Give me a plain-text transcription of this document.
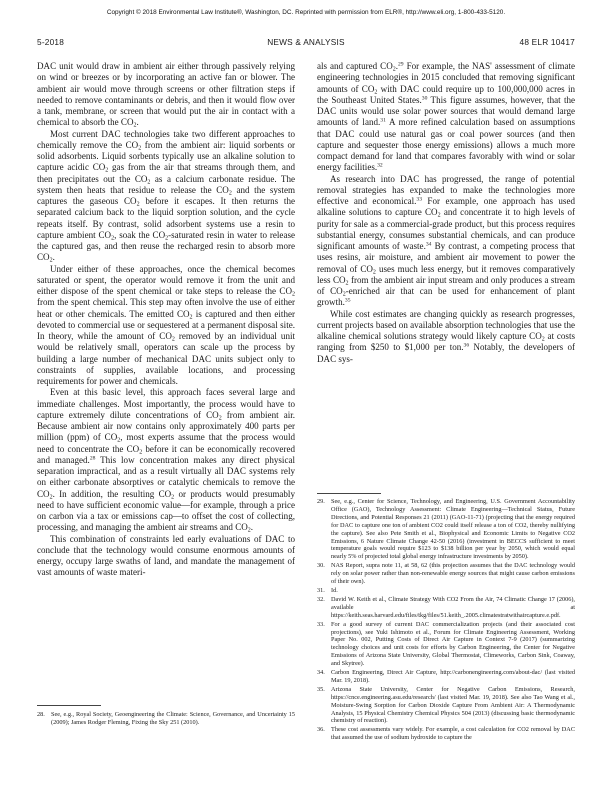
Copyright © 2018 Environmental Law Institute®, Washington, DC. Reprinted with permission from ELR®, http://www.eli.org, 1-800-433-5120.
5-2018	NEWS & ANALYSIS	48 ELR 10417

DAC unit would draw in ambient air either through passively relying on wind or breezes or by incorporating an active fan or blower. The ambient air would move through screens or other filtration steps if needed to remove contaminants or debris, and then it would flow over a tank, membrane, or screen that would put the air in contact with a chemical to absorb the $CO_2$.

Most current DAC technologies take two different approaches to chemically remove the $CO_2$ from the ambient air: liquid sorbents or solid adsorbents. Liquid sorbents typically use an alkaline solution to capture acidic $CO_2$ gas from the air that streams through them, and then precipitates out the $CO_2$ as a calcium carbonate residue. The system then heats that residue to release the $CO_2$ and the system captures the gaseous $CO_2$ before it escapes. It then returns the separated calcium back to the liquid sorption solution, and the cycle repeats itself. By contrast, solid adsorbent systems use a resin to capture ambient $CO_2$, soak the $CO_2$-saturated resin in water to release the captured gas, and then reuse the recharged resin to absorb more $CO_2$.

Under either of these approaches, once the chemical becomes saturated or spent, the operator would remove it from the unit and either dispose of the spent chemical or take steps to release the $CO_2$ from the spent chemical. This step may often involve the use of either heat or other chemicals. The emitted $CO_2$ is captured and then either devoted to commercial use or sequestered at a permanent disposal site. In theory, while the amount of $CO_2$ removed by an individual unit would be relatively small, operators can scale up the process by building a large number of mechanical DAC units subject only to constraints of supplies, available locations, and processing requirements for power and chemicals.

Even at this basic level, this approach faces several large and immediate challenges. Most importantly, the process would have to capture extremely dilute concentrations of $CO_2$ from ambient air. Because ambient air now contains only approximately 400 parts per million (ppm) of $CO_2$, most experts assume that the process would need to concentrate the $CO_2$ before it can be economically recovered and managed.$^{28}$ This low concentration makes any direct physical separation impractical, and as a result virtually all DAC systems rely on either carbonate absorptives or catalytic chemicals to remove the $CO_2$. In addition, the resulting $CO_2$ or products would presumably need to have sufficient economic value—for example, through a price on carbon via a tax or emissions cap—to offset the cost of collecting, processing, and managing the ambient air streams and $CO_2$.

This combination of constraints led early evaluations of DAC to conclude that the technology would consume enormous amounts of energy, occupy large swaths of land, and mandate the management of vast amounts of waste materi-

28. See, e.g., Royal Society, Geoengineering the Climate: Science, Governance, and Uncertainty 15 (2009); James Rodger Fleming, Fixing the Sky 251 (2010).

als and captured $CO_2.^{29}$ For example, the NAS' assessment of climate engineering technologies in 2015 concluded that removing significant amounts of $CO_2$ with DAC could require up to 100,000,000 acres in the Southeast United States.$^{30}$ This figure assumes, however, that the DAC units would use solar power sources that would demand large amounts of land.$^{31}$ A more refined calculation based on assumptions that DAC could use natural gas or coal power sources (and then capture and sequester those energy emissions) allows a much more compact demand for land that compares favorably with wind or solar energy facilities.$^{32}$

As research into DAC has progressed, the range of potential removal strategies has expanded to make the technologies more effective and economical.$^{33}$ For example, one approach has used alkaline solutions to capture $CO_2$ and concentrate it to high levels of purity for sale as a commercial-grade product, but this process requires substantial energy, consumes substantial chemicals, and can produce significant amounts of waste.$^{34}$ By contrast, a competing process that uses resins, air moisture, and ambient air movement to power the removal of $CO_2$ uses much less energy, but it removes comparatively less $CO_2$ from the ambient air input stream and only produces a stream of $CO_2$-enriched air that can be used for enhancement of plant growth.$^{35}$

While cost estimates are changing quickly as research progresses, current projects based on available absorption technologies that use the alkaline chemical solutions strategy would likely capture $CO_2$ at costs ranging from $250 to $1,000 per ton.$^{36}$ Notably, the developers of DAC sys-

29. See, e.g., Center for Science, Technology, and Engineering, U.S. Government Accountability Office (GAO), Technology Assessment: Climate Engineering—Technical Status, Future Directions, and Potential Responses 21 (2011) (GAO-11-71) (projecting that the energy required for DAC to capture one ton of ambient CO2 could itself release a ton of CO2, thereby nullifying the capture). See also Pete Smith et al., Biophysical and Economic Limits to Negative CO2 Emissions, 6 Nature Climate Change 42-50 (2016) (investment in BECCS sufficient to meet temperature goals would require $123 to $138 billion per year by 2050, which would equal nearly 5% of projected total global energy infrastructure investments by 2050).
30. NAS Report, supra note 11, at 58, 62 (this projection assumes that the DAC technology would rely on solar power rather than non-renewable energy sources that might cause carbon emissions of their own).
31. Id.
32. David W. Keith et al., Climate Strategy With CO2 From the Air, 74 Climatic Change 17 (2006), available at https://keith.seas.harvard.edu/files/tkg/files/51.keith_.2005.climatestratwithaircapture.e.pdf.
33. For a good survey of current DAC commercialization projects (and their associated cost projections), see Yuki Ishimoto et al., Forum for Climate Engineering Assessment, Working Paper No. 002, Putting Costs of Direct Air Capture in Context 7-9 (2017) (summarizing technology choices and unit costs for efforts by Carbon Engineering, the Center for Negative Emissions of Arizona State University, Global Thermostat, Climeworks, Carbon Sink, Coaway, and Skytree).
34. Carbon Engineering, Direct Air Capture, http://carbonengineering.com/about-dac/ (last visited Mar. 19, 2018).
35. Arizona State University, Center for Negative Carbon Emissions, Research, https://cnce.engineering.asu.edu/research/ (last visited Mar. 19, 2018). See also Tao Wang et al., Moisture-Swing Sorption for Carbon Dioxide Capture From Ambient Air: A Thermodynamic Analysis, 15 Physical Chemistry Chemical Physics 504 (2013) (discussing basic thermodynamic chemistry of reaction).
36. These cost assessments vary widely. For example, a cost calculation for CO2 removal by DAC that assumed the use of sodium hydroxide to capture the
